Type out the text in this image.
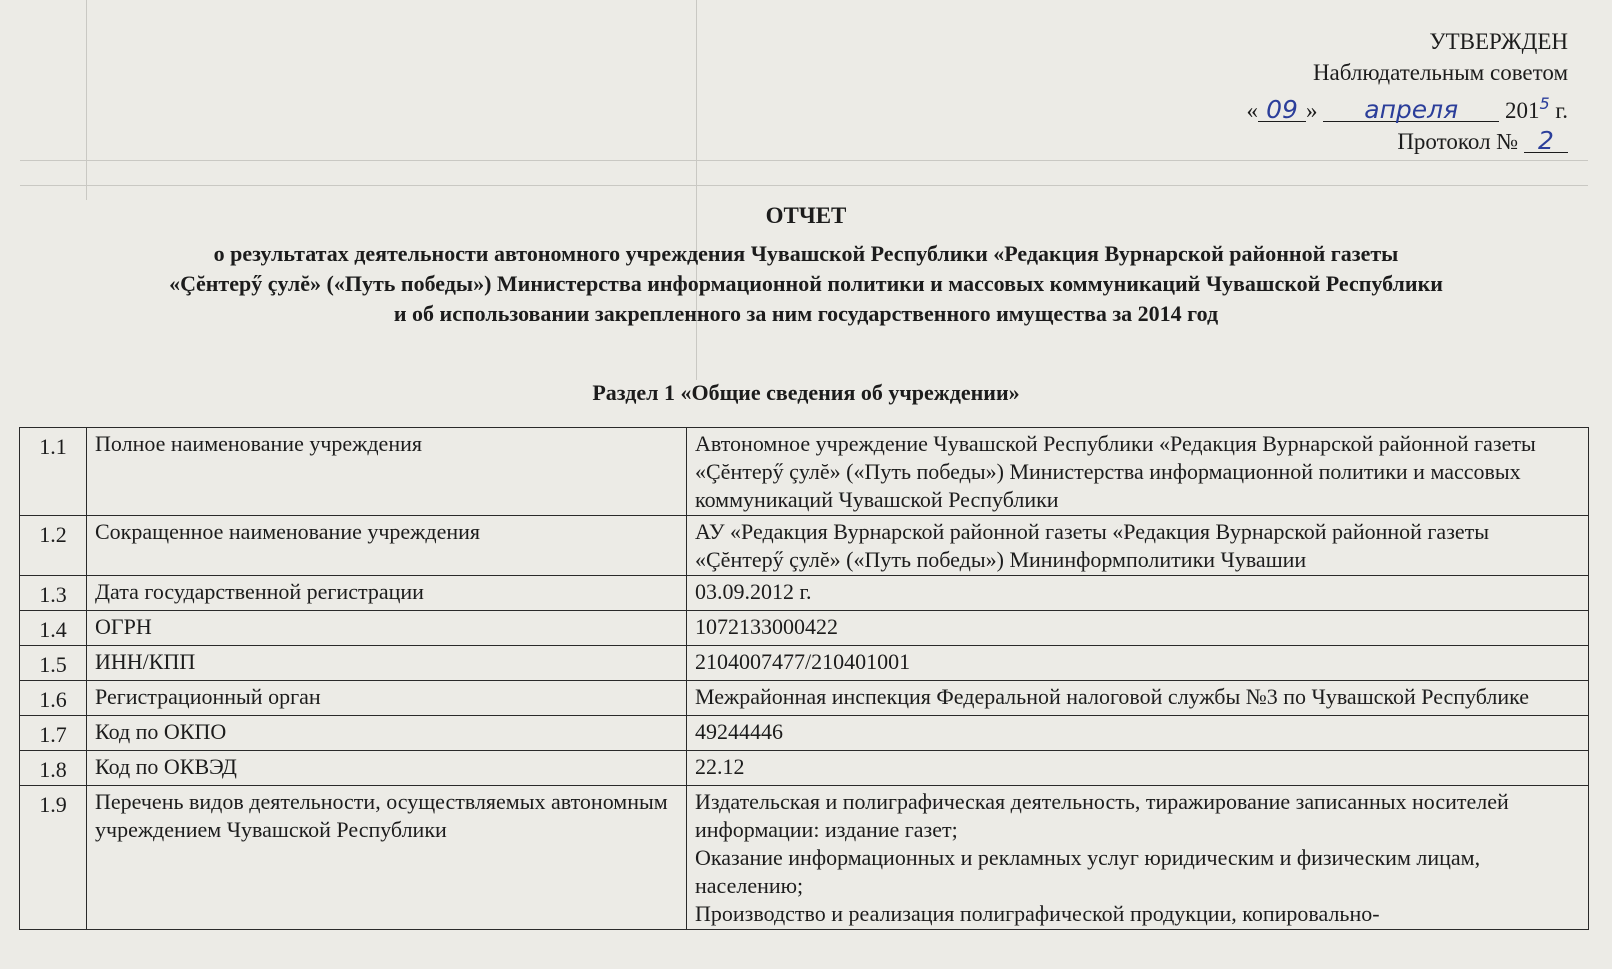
УТВЕРЖДЕН
Наблюдательным советом
« 09 » апреля $201^5$ г.
Протокол № 2
ОТЧЕТ
о результатах деятельности автономного учреждения Чувашской Республики «Редакция Вурнарской районной газеты
«Çĕнтерӳ çулĕ» («Путь победы») Министерства информационной политики и массовых коммуникаций Чувашской Республики
и об использовании закрепленного за ним государственного имущества за 2014 год
Раздел 1 «Общие сведения об учреждении»
1.1	Полное наименование учреждения	Автономное учреждение Чувашской Республики «Редакция Вурнарской районной газеты «Çĕнтерӳ çулĕ» («Путь победы») Министерства информационной политики и массовых коммуникаций Чувашской Республики
1.2	Сокращенное наименование учреждения	АУ «Редакция Вурнарской районной газеты «Редакция Вурнарской районной газеты «Çĕнтерӳ çулĕ» («Путь победы») Мининформполитики Чувашии
1.3	Дата государственной регистрации	03.09.2012 г.
1.4	ОГРН	1072133000422
1.5	ИНН/КПП	2104007477/210401001
1.6	Регистрационный орган	Межрайонная инспекция Федеральной налоговой службы №3 по Чувашской Республике
1.7	Код по ОКПО	49244446
1.8	Код по ОКВЭД	22.12
1.9	Перечень видов деятельности, осуществляемых автономным учреждением Чувашской Республики	Издательская и полиграфическая деятельность, тиражирование записанных носителей информации: издание газет;
Оказание информационных и рекламных услуг юридическим и физическим лицам, населению;
Производство и реализация полиграфической продукции, копировально-
